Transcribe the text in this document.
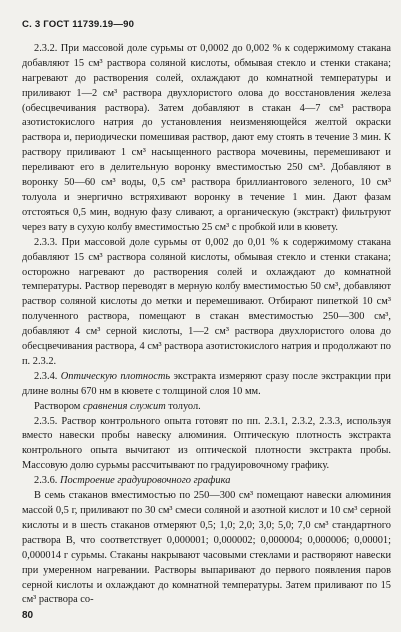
С. 3 ГОСТ 11739.19—90

2.3.2. При массовой доле сурьмы от 0,0002 до 0,002 % к содержимому стакана добавляют 15 см³ раствора соляной кислоты, обмывая стекло и стенки стакана; нагревают до растворения солей, охлаждают до комнатной температуры и приливают 1—2 см³ раствора двухлористого олова до восстановления железа (обесцвечивания раствора). Затем добавляют в стакан 4—7 см³ раствора азотистокислого натрия до установления неизменяющейся желтой окраски раствора и, периодически помешивая раствор, дают ему стоять в течение 3 мин. К раствору приливают 1 см³ насыщенного раствора мочевины, перемешивают и переливают его в делительную воронку вместимостью 250 см³. Добавляют в воронку 50—60 см³ воды, 0,5 см³ раствора бриллиантового зеленого, 10 см³ толуола и энергично встряхивают воронку в течение 1 мин. Дают фазам отстояться 0,5 мин, водную фазу сливают, а органическую (экстракт) фильтруют через вату в сухую колбу вместимостью 25 см³ с пробкой или в кювету.

2.3.3. При массовой доле сурьмы от 0,002 до 0,01 % к содержимому стакана добавляют 15 см³ раствора соляной кислоты, обмывая стекло и стенки стакана; осторожно нагревают до растворения солей и охлаждают до комнатной температуры. Раствор переводят в мерную колбу вместимостью 50 см³, добавляют раствор соляной кислоты до метки и перемешивают. Отбирают пипеткой 10 см³ полученного раствора, помещают в стакан вместимостью 250—300 см³, добавляют 4 см³ серной кислоты, 1—2 см³ раствора двухлористого олова до обесцвечивания раствора, 4 см³ раствора азотистокислого натрия и продолжают по п. 2.3.2.

2.3.4. Оптическую плотность экстракта измеряют сразу после экстракции при длине волны 670 нм в кювете с толщиной слоя 10 мм.

Раствором сравнения служит толуол.

2.3.5. Раствор контрольного опыта готовят по пп. 2.3.1, 2.3.2, 2.3.3, используя вместо навески пробы навеску алюминия. Оптическую плотность экстракта контрольного опыта вычитают из оптической плотности экстракта пробы. Массовую долю сурьмы рассчитывают по градуировочному графику.

2.3.6. Построение градуировочного графика

В семь стаканов вместимостью по 250—300 см³ помещают навески алюминия массой 0,5 г, приливают по 30 см³ смеси соляной и азотной кислот и 10 см³ серной кислоты и в шесть стаканов отмеряют 0,5; 1,0; 2,0; 3,0; 5,0; 7,0 см³ стандартного раствора В, что соответствует 0,000001; 0,000002; 0,000004; 0,000006; 0,00001; 0,000014 г сурьмы. Стаканы накрывают часовыми стеклами и растворяют навески при умеренном нагревании. Растворы выпаривают до первого появления паров серной кислоты и охлаждают до комнатной температуры. Затем приливают по 15 см³ раствора со-

80
